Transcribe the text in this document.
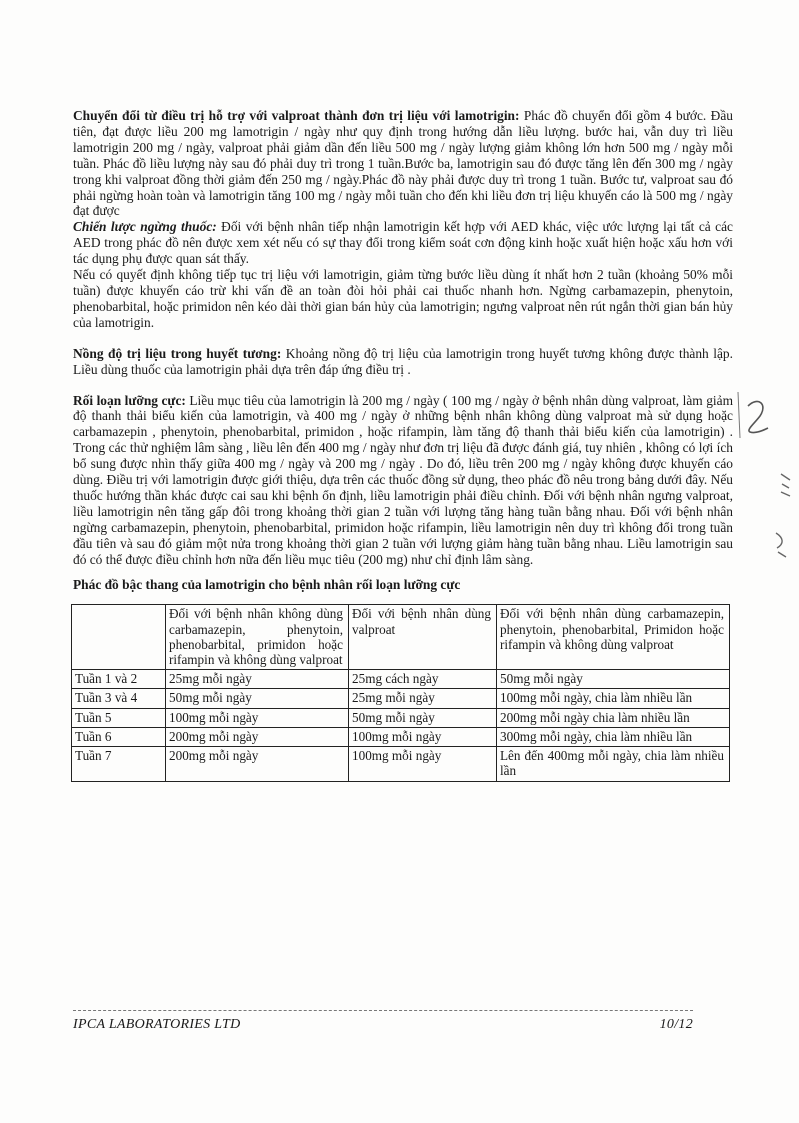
Chuyển đổi từ điều trị hỗ trợ với valproat thành đơn trị liệu với lamotrigin: Phác đồ chuyển đổi gồm 4 bước. Đầu tiên, đạt được liều 200 mg lamotrigin / ngày như quy định trong hướng dẫn liều lượng. bước hai, vẫn duy trì liều lamotrigin 200 mg / ngày, valproat phải giảm dần đến liều 500 mg / ngày lượng giảm không lớn hơn 500 mg / ngày mỗi tuần. Phác đồ liều lượng này sau đó phải duy trì trong 1 tuần.Bước ba, lamotrigin sau đó được tăng lên đến 300 mg / ngày trong khi valproat đồng thời giảm đến 250 mg / ngày.Phác đồ này phải được duy trì trong 1 tuần. Bước tư, valproat sau đó phải ngừng hoàn toàn và lamotrigin tăng 100 mg / ngày mỗi tuần cho đến khi liều đơn trị liệu khuyến cáo là 500 mg / ngày đạt được

Chiến lược ngừng thuốc: Đối với bệnh nhân tiếp nhận lamotrigin kết hợp với AED khác, việc ước lượng lại tất cả các AED trong phác đồ nên được xem xét nếu có sự thay đổi trong kiểm soát cơn động kinh hoặc xuất hiện hoặc xấu hơn với tác dụng phụ được quan sát thấy.

Nếu có quyết định không tiếp tục trị liệu với lamotrigin, giảm từng bước liều dùng ít nhất hơn 2 tuần (khoảng 50% mỗi tuần) được khuyến cáo trừ khi vấn đề an toàn đòi hỏi phải cai thuốc nhanh hơn. Ngừng carbamazepin, phenytoin, phenobarbital, hoặc primidon nên kéo dài thời gian bán hủy của lamotrigin; ngưng valproat nên rút ngắn thời gian bán hủy của lamotrigin.

Nồng độ trị liệu trong huyết tương: Khoảng nồng độ trị liệu của lamotrigin trong huyết tương không được thành lập. Liều dùng thuốc của lamotrigin phải dựa trên đáp ứng điều trị .

Rối loạn lưỡng cực: Liều mục tiêu của lamotrigin là 200 mg / ngày ( 100 mg / ngày ở bệnh nhân dùng valproat, làm giảm độ thanh thải biểu kiến của lamotrigin, và 400 mg / ngày ở những bệnh nhân không dùng valproat mà sử dụng hoặc carbamazepin , phenytoin, phenobarbital, primidon , hoặc rifampin, làm tăng độ thanh thải biểu kiến của lamotrigin) . Trong các thử nghiệm lâm sàng , liều lên đến 400 mg / ngày như đơn trị liệu đã được đánh giá, tuy nhiên , không có lợi ích bổ sung được nhìn thấy giữa 400 mg / ngày và 200 mg / ngày . Do đó, liều trên 200 mg / ngày không được khuyến cáo dùng. Điều trị với lamotrigin được giới thiệu, dựa trên các thuốc đồng sử dụng, theo phác đồ nêu trong bảng dưới đây. Nếu thuốc hướng thần khác được cai sau khi bệnh ổn định, liều lamotrigin phải điều chỉnh. Đối với bệnh nhân ngưng valproat, liều lamotrigin nên tăng gấp đôi trong khoảng thời gian 2 tuần với lượng tăng hàng tuần bằng nhau. Đối với bệnh nhân ngừng carbamazepin, phenytoin, phenobarbital, primidon hoặc rifampin, liều lamotrigin nên duy trì không đổi trong tuần đầu tiên và sau đó giảm một nửa trong khoảng thời gian 2 tuần với lượng giảm hàng tuần bằng nhau. Liều lamotrigin sau đó có thể được điều chỉnh hơn nữa đến liều mục tiêu (200 mg) như chỉ định lâm sàng.

Phác đồ bậc thang của lamotrigin cho bệnh nhân rối loạn lưỡng cực
	Đối với bệnh nhân không dùng carbamazepin, phenytoin, phenobarbital, primidon hoặc rifampin và không dùng valproat	Đối với bệnh nhân dùng valproat	Đối với bệnh nhân dùng carbamazepin, phenytoin, phenobarbital, Primidon hoặc rifampin và không dùng valproat
Tuần 1 và 2	25mg mỗi ngày	25mg cách ngày	50mg mỗi ngày
Tuần 3 và 4	50mg mỗi ngày	25mg mỗi ngày	100mg mỗi ngày, chia làm nhiều lần
Tuần 5	100mg mỗi ngày	50mg mỗi ngày	200mg mỗi ngày chia làm nhiều lần
Tuần 6	200mg mỗi ngày	100mg mỗi ngày	300mg mỗi ngày, chia làm nhiều lần
Tuần 7	200mg mỗi ngày	100mg mỗi ngày	Lên đến 400mg mỗi ngày, chia làm nhiều lần
IPCA LABORATORIES LTD	10/12
